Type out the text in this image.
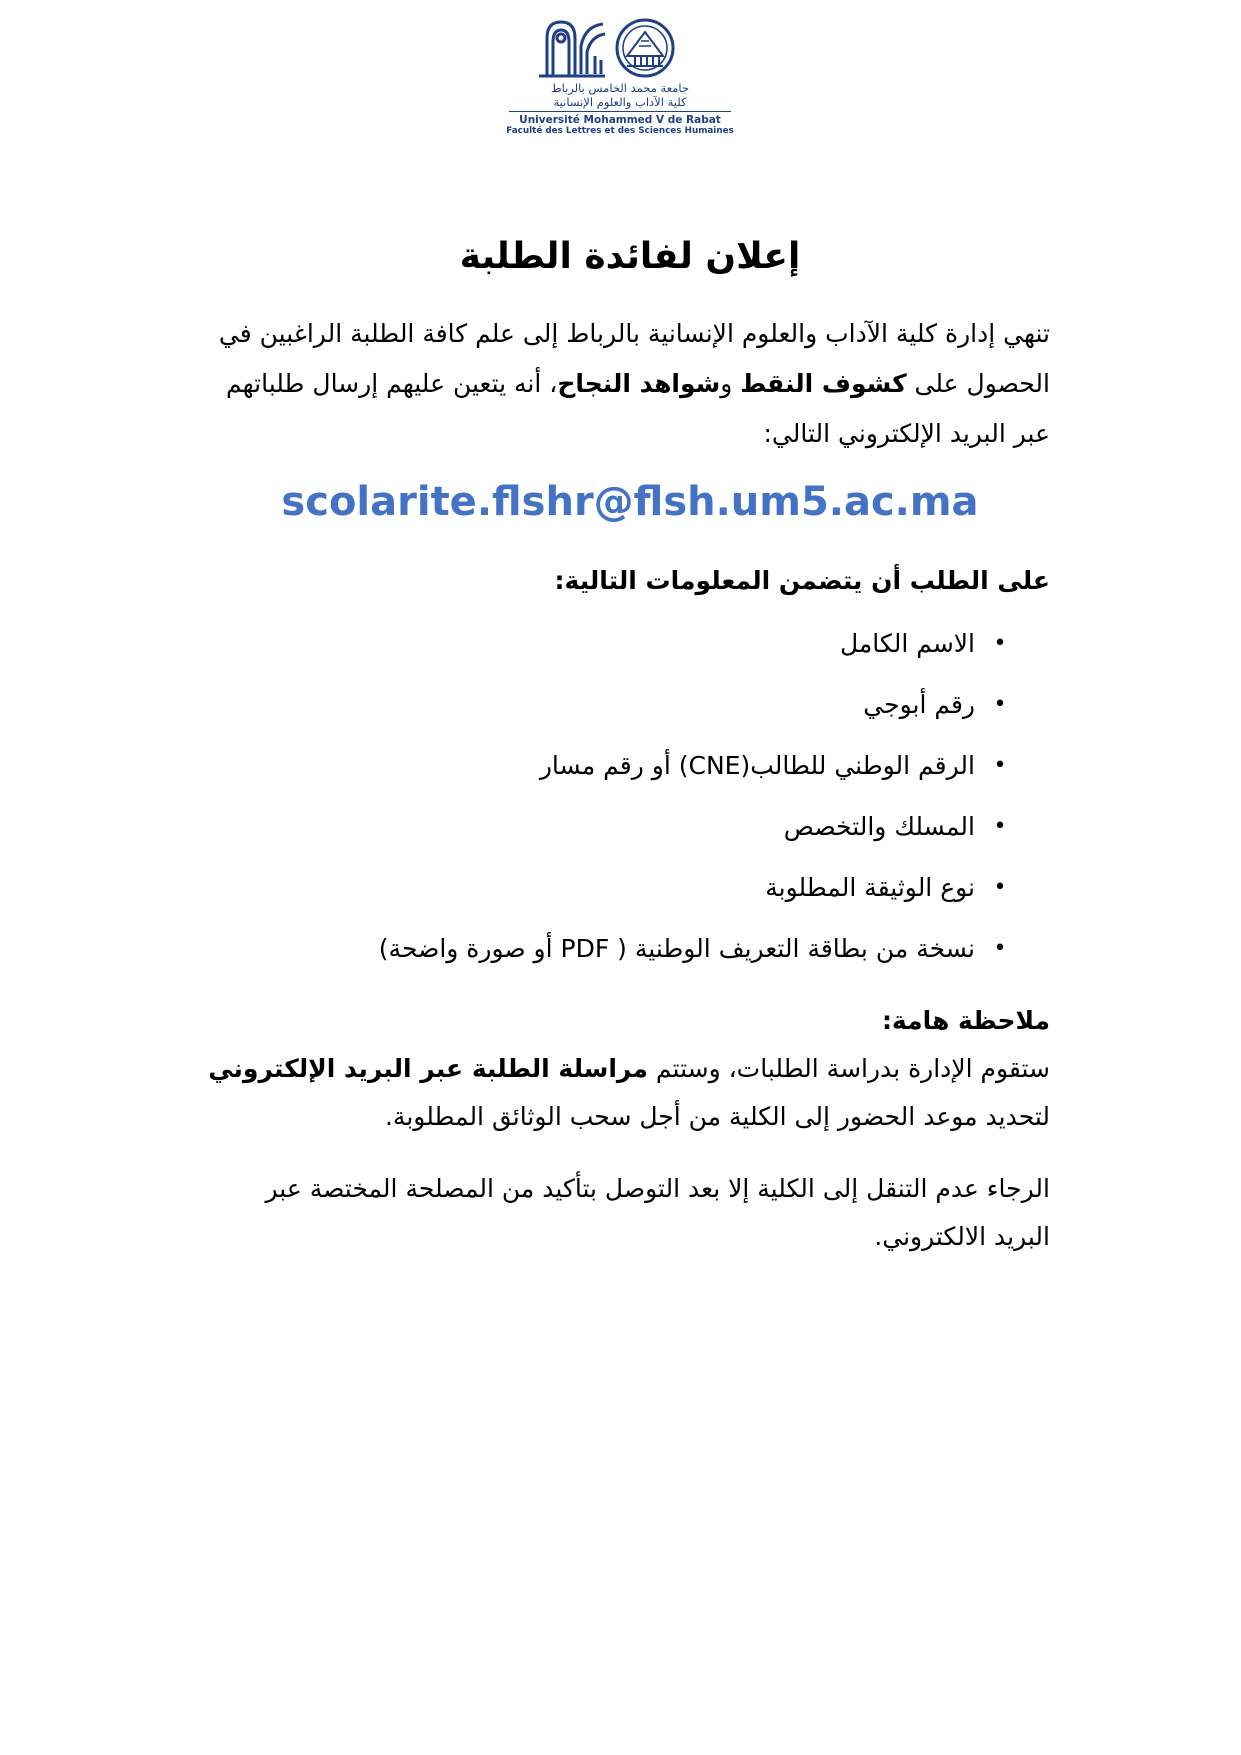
جامعة محمد الخامس بالرباط
كلية الآداب والعلوم الإنسانية
Université Mohammed V de Rabat
Faculté des Lettres et des Sciences Humaines
إعلان لفائدة الطلبة

تنهي إدارة كلية الآداب والعلوم الإنسانية بالرباط إلى علم كافة الطلبة الراغبين في
الحصول على كشوف النقط وشواهد النجاح، أنه يتعين عليهم إرسال طلباتهم
عبر البريد الإلكتروني التالي:

scolarite.flshr@flsh.um5.ac.ma

على الطلب أن يتضمن المعلومات التالية:

•
الاسم الكامل
•
رقم أبوجي
•
الرقم الوطني للطالب(CNE) أو رقم مسار
•
المسلك والتخصص
•
نوع الوثيقة المطلوبة
•
نسخة من بطاقة التعريف الوطنية ( PDF أو صورة واضحة)

ملاحظة هامة:

ستقوم الإدارة بدراسة الطلبات، وستتم مراسلة الطلبة عبر البريد الإلكتروني
لتحديد موعد الحضور إلى الكلية من أجل سحب الوثائق المطلوبة.

الرجاء عدم التنقل إلى الكلية إلا بعد التوصل بتأكيد من المصلحة المختصة عبر
البريد الالكتروني.
